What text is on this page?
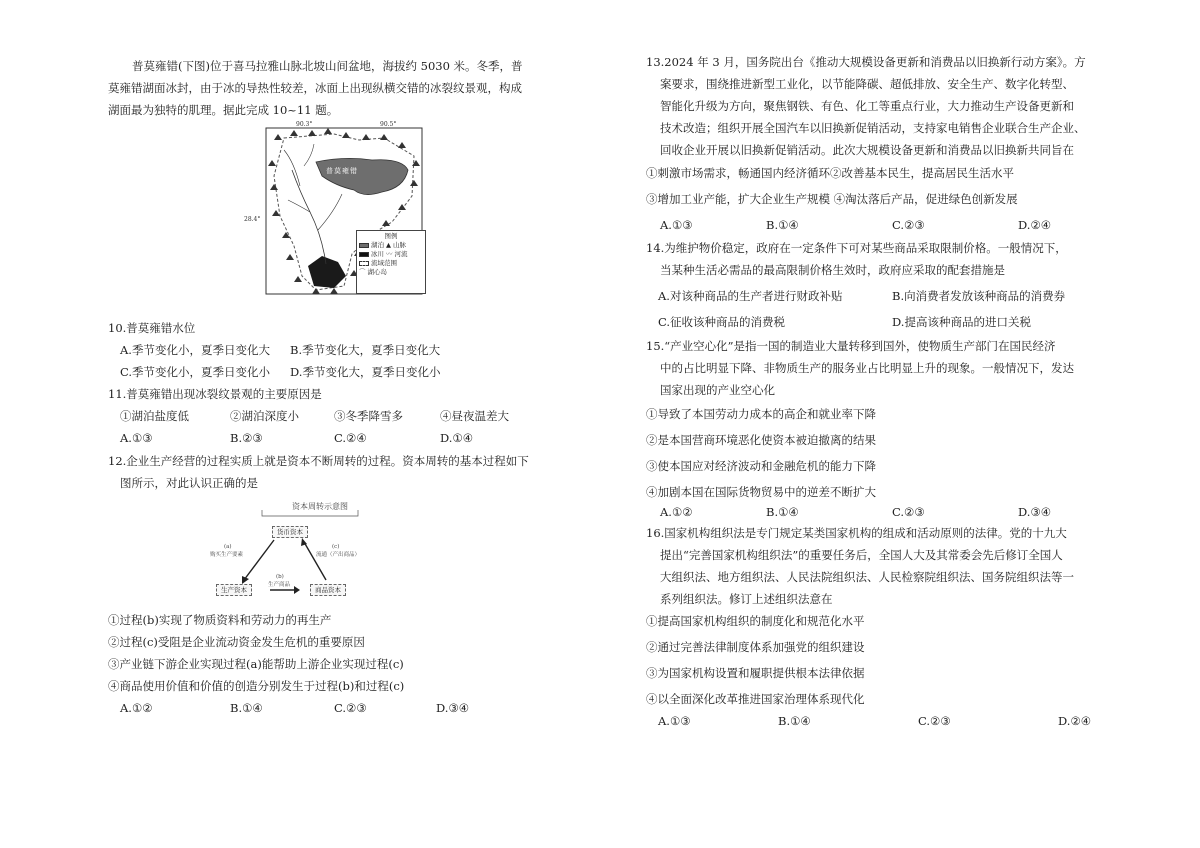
普莫雍错(下图)位于喜马拉雅山脉北坡山间盆地，海拔约 5030 米。冬季，普
莫雍错湖面冰封，由于冰的导热性较差，冰面上出现纵横交错的冰裂纹景观，构成
湖面最为独特的肌理。据此完成 10~11 题。
90.3°	90.5°
28.4°
普莫雍错
图例
湖泊 ▲ 山脉
冰川 〰 河流
流域范围
⌒ 湖心岛
10.普莫雍错水位
A.季节变化小，夏季日变化大 B.季节变化大，夏季日变化大
C.季节变化小，夏季日变化小 D.季节变化大，夏季日变化小
11.普莫雍错出现冰裂纹景观的主要原因是
①湖泊盐度低	②湖泊深度小	③冬季降雪多	④昼夜温差大
A.①③	B.②③	C.②④	D.①④
12.企业生产经营的过程实质上就是资本不断周转的过程。资本周转的基本过程如下
图所示，对此认识正确的是
资本周转示意图
货币资本
生产资本	商品资本
(a)
购买生产要素
(c)
流通（产出商品）
(b)
生产商品
①过程(b)实现了物质资料和劳动力的再生产
②过程(c)受阻是企业流动资金发生危机的重要原因
③产业链下游企业实现过程(a)能帮助上游企业实现过程(c)
④商品使用价值和价值的创造分别发生于过程(b)和过程(c)
A.①②	B.①④	C.②③	D.③④
13.2024 年 3 月，国务院出台《推动大规模设备更新和消费品以旧换新行动方案》。方
案要求，围绕推进新型工业化，以节能降碳、超低排放、安全生产、数字化转型、
智能化升级为方向，聚焦钢铁、有色、化工等重点行业，大力推动生产设备更新和
技术改造；组织开展全国汽车以旧换新促销活动，支持家电销售企业联合生产企业、
回收企业开展以旧换新促销活动。此次大规模设备更新和消费品以旧换新共同旨在
①刺激市场需求，畅通国内经济循环②改善基本民生，提高居民生活水平
③增加工业产能，扩大企业生产规模 ④淘汰落后产品，促进绿色创新发展
A.①③	B.①④	C.②③	D.②④
14.为维护物价稳定，政府在一定条件下可对某些商品采取限制价格。一般情况下，
当某种生活必需品的最高限制价格生效时，政府应采取的配套措施是
A.对该种商品的生产者进行财政补贴	B.向消费者发放该种商品的消费券
C.征收该种商品的消费税	D.提高该种商品的进口关税
15.“产业空心化”是指一国的制造业大量转移到国外，使物质生产部门在国民经济
中的占比明显下降、非物质生产的服务业占比明显上升的现象。一般情况下，发达
国家出现的产业空心化
①导致了本国劳动力成本的高企和就业率下降
②是本国营商环境恶化使资本被迫撤离的结果
③使本国应对经济波动和金融危机的能力下降
④加剧本国在国际货物贸易中的逆差不断扩大
A.①②	B.①④	C.②③	D.③④
16.国家机构组织法是专门规定某类国家机构的组成和活动原则的法律。党的十九大
提出“完善国家机构组织法”的重要任务后，全国人大及其常委会先后修订全国人
大组织法、地方组织法、人民法院组织法、人民检察院组织法、国务院组织法等一
系列组织法。修订上述组织法意在
①提高国家机构组织的制度化和规范化水平
②通过完善法律制度体系加强党的组织建设
③为国家机构设置和履职提供根本法律依据
④以全面深化改革推进国家治理体系现代化
A.①③	B.①④	C.②③	D.②④
